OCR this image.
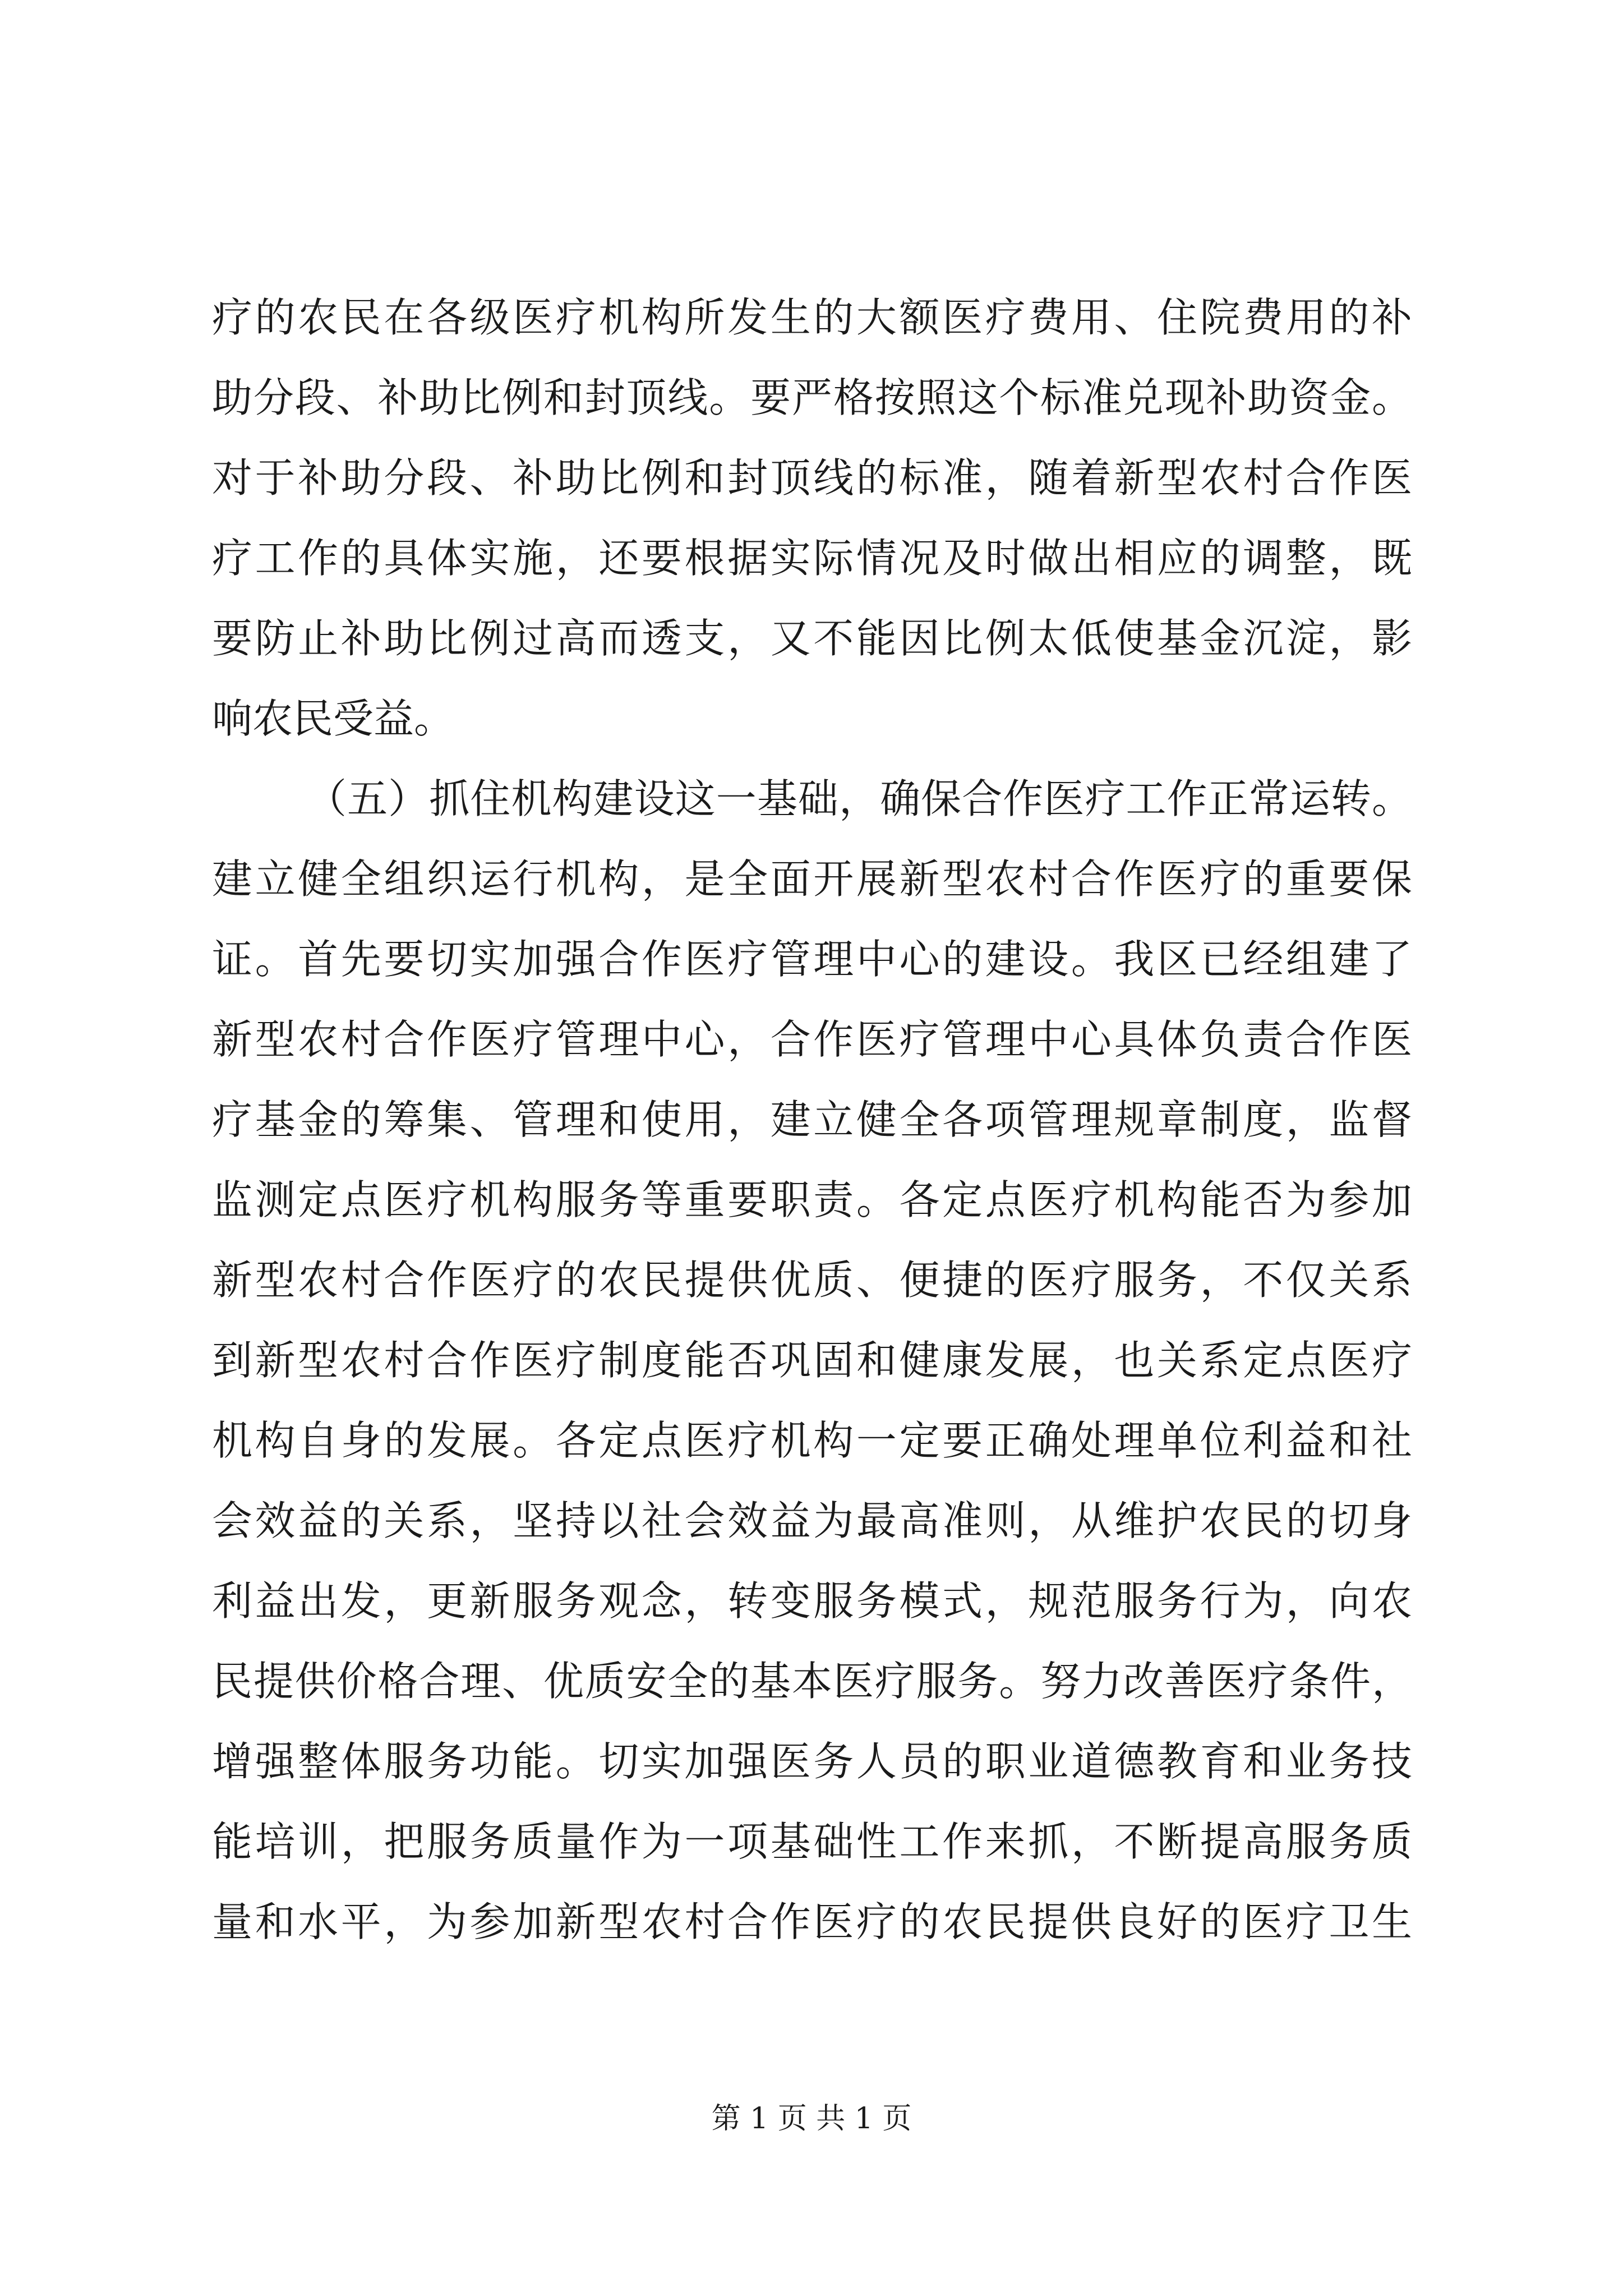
疗的农民在各级医疗机构所发生的大额医疗费用、住院费用的补
助分段、补助比例和封顶线。要严格按照这个标准兑现补助资金。
对于补助分段、补助比例和封顶线的标准，随着新型农村合作医
疗工作的具体实施，还要根据实际情况及时做出相应的调整，既
要防止补助比例过高而透支，又不能因比例太低使基金沉淀，影
响农民受益。
（五）抓住机构建设这一基础，确保合作医疗工作正常运转。
建立健全组织运行机构，是全面开展新型农村合作医疗的重要保
证。首先要切实加强合作医疗管理中心的建设。我区已经组建了
新型农村合作医疗管理中心，合作医疗管理中心具体负责合作医
疗基金的筹集、管理和使用，建立健全各项管理规章制度，监督
监测定点医疗机构服务等重要职责。各定点医疗机构能否为参加
新型农村合作医疗的农民提供优质、便捷的医疗服务，不仅关系
到新型农村合作医疗制度能否巩固和健康发展，也关系定点医疗
机构自身的发展。各定点医疗机构一定要正确处理单位利益和社
会效益的关系，坚持以社会效益为最高准则，从维护农民的切身
利益出发，更新服务观念，转变服务模式，规范服务行为，向农
民提供价格合理、优质安全的基本医疗服务。努力改善医疗条件，
增强整体服务功能。切实加强医务人员的职业道德教育和业务技
能培训，把服务质量作为一项基础性工作来抓，不断提高服务质
量和水平，为参加新型农村合作医疗的农民提供良好的医疗卫生
第 1 页 共 1 页
